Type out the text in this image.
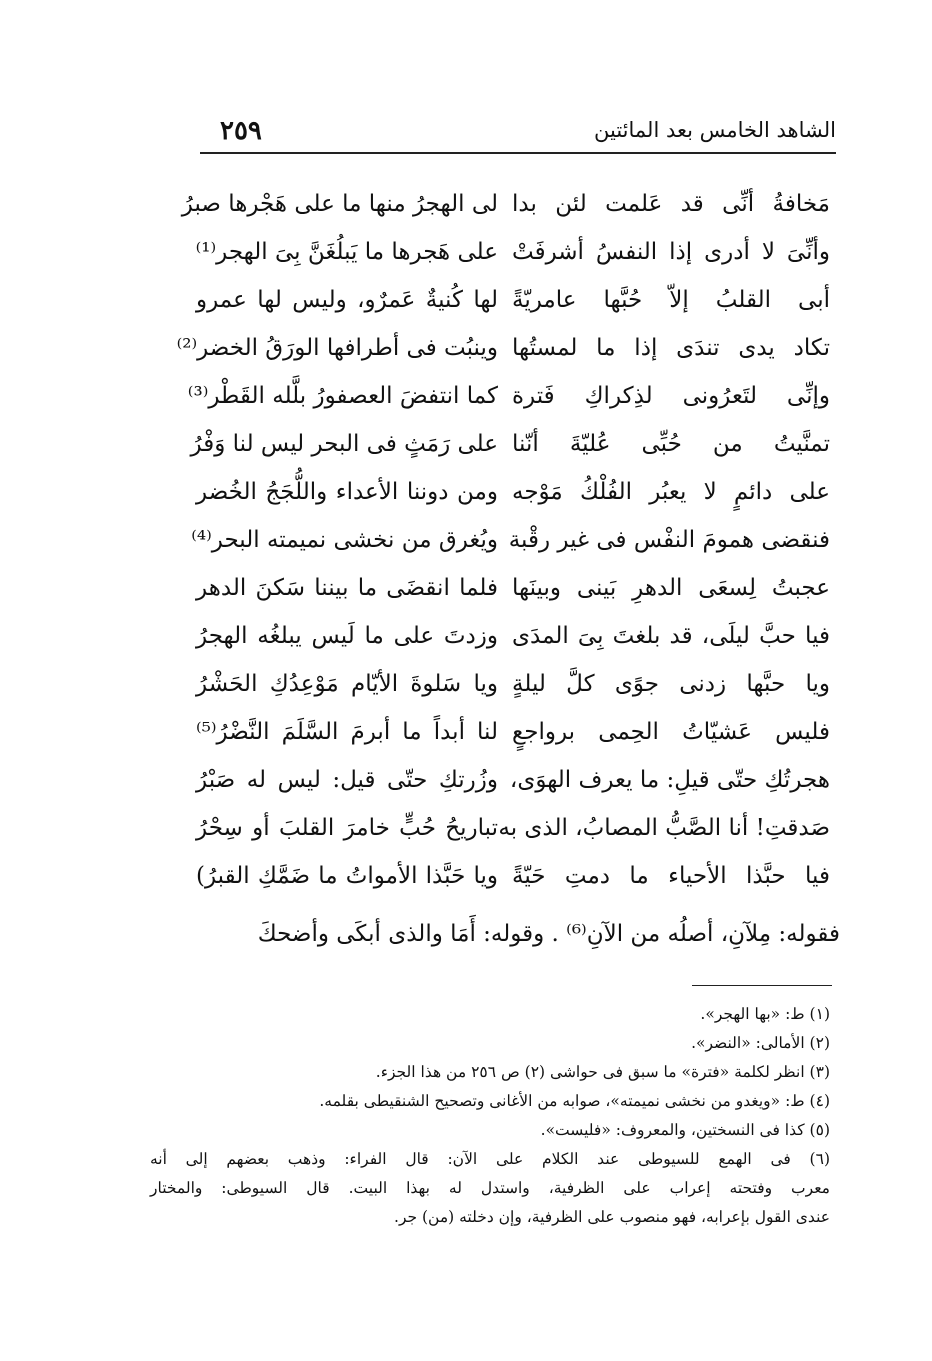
الشاهد الخامس بعد المائتين
٢٥٩
مَخافةُ أنِّى قد عَلمت لئن بدا
لى الهجرُ منها ما على هَجْرها صبرُ
وأنِّىَ لا أدرى إذا النفسُ أشرفَتْ
على هَجرها ما يَبلُغَنَّ بِىَ الهجر⁽¹⁾
أبى القلبُ إلاّ حُبَّها عامريّةً
لها كُنيةٌ عَمرٌو، وليس لها عمرو
تكاد يدى تندَى إذا ما لمستُها
وينبُت فى أطرافها الورَقُ الخضر⁽²⁾
وإنِّى لتَعرُونى لذِكراكِ فَترة
كما انتفضَ العصفورُ بلَّله القَطْر⁽³⁾
تمنَّيتُ من حُبِّى عُليّةَ أنّنا
على رَمَثٍ فى البحر ليس لنا وَفْرُ
على دائمٍ لا يعبُر الفُلْكُ مَوْجه
ومن دوننا الأعداء واللُّجَجُ الخُضر
فنقضى همومَ النفْس فى غير رقْبة
ويُغرق من نخشى نميمته البحر⁽⁴⁾
عجبتُ لِسعَى الدهرِ بَينى وبينَها
فلما انقضَى ما بيننا سَكنَ الدهر
فيا حبَّ ليلَى، قد بلغتَ بِىَ المدَى
وزدتَ على ما لَيس يبلغُه الهجرُ
ويا حبَّها زدنى جوًى كلَّ ليلةٍ
ويا سَلوةَ الأيّام مَوْعِدُكِ الحَشْرُ
فليس عَشيّاتُ الحِمى برواجعٍ
لنا أبداً ما أبرمَ السَّلَمَ النَّضْرُ⁽⁵⁾
هجرتُكِ حتّى قيلِ: ما يعرف الهوَى،
وزُرتكِ حتّى قيل: ليس له صَبْرُ
صَدقتِ! أنا الصَّبُّ المصابُ، الذى به
تباريحُ حُبٍّ خامرَ القلبَ أو سِحْرُ
فيا حبَّذا الأحياء ما دمتِ حَيّةً
ويا حَبَّذا الأمواتُ ما ضَمَّكِ القبرُ)
فقوله: مِلآنِ، أصلُه من الآنِ⁽⁶⁾ . وقوله: أَمَا والذى أبكَى وأضحكَ
(١) ط: «بها الهجر».
(٢) الأمالى: «النضر».
(٣) انظر لكلمة «فترة» ما سبق فى حواشى (٢) ص ٢٥٦ من هذا الجزء.
(٤) ط: «ويغدو من نخشى نميمته»، صوابه من الأغانى وتصحيح الشنقيطى بقلمه.
(٥) كذا فى النسختين، والمعروف: «فليست».
(٦) فى الهمع للسيوطى عند الكلام على الآن: قال الفراء: وذهب بعضهم إلى أنه
معرب وفتحته إعراب على الظرفية، واستدل له بهذا البيت. قال السيوطى: والمختار
عندى القول بإعرابه، فهو منصوب على الظرفية، وإن دخلته (من) جر.
